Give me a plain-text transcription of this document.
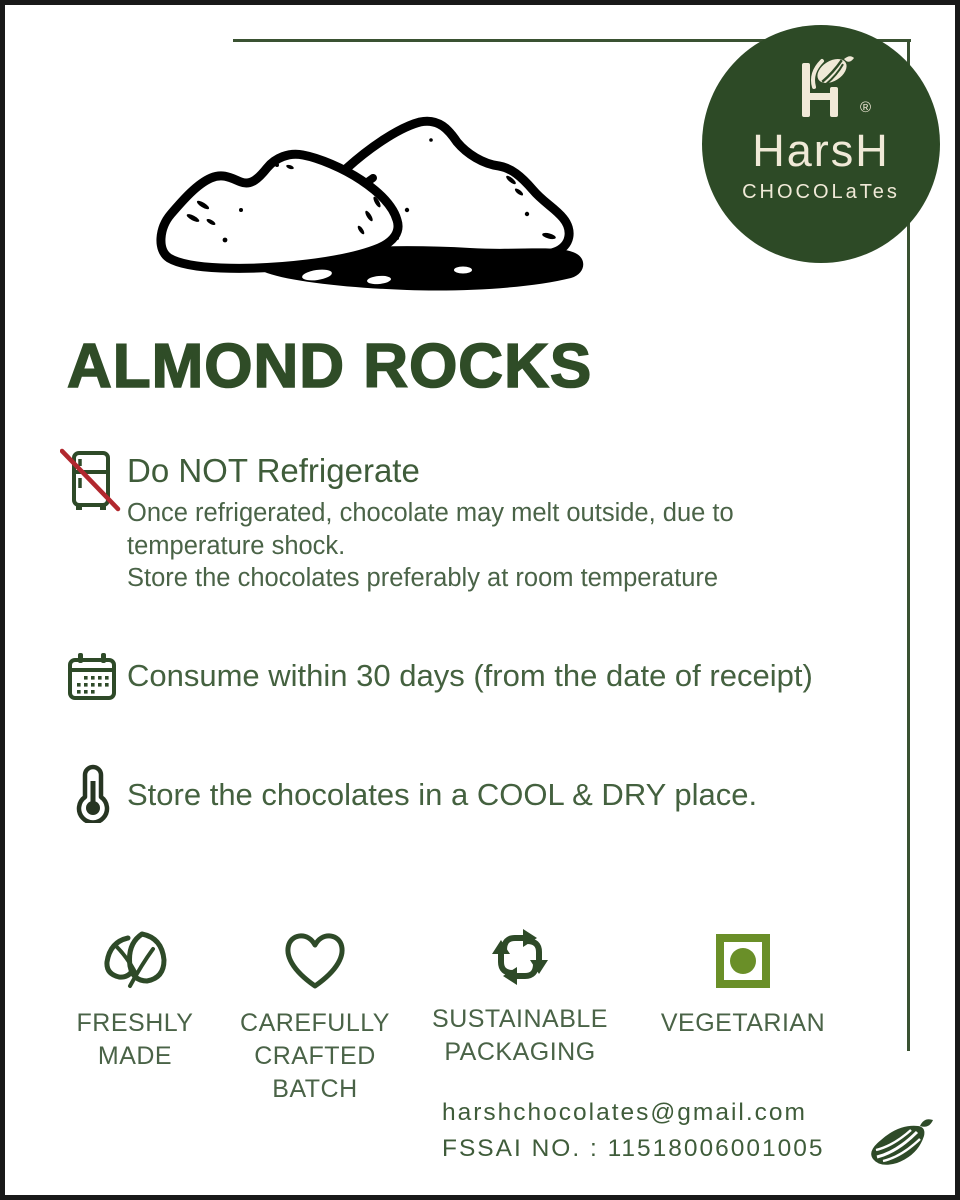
®
HarsH
CHOCOLaTes
ALMOND ROCKS
Do NOT Refrigerate
Once refrigerated, chocolate may melt outside, due to
temperature shock.
Store the chocolates preferably at room temperature
Consume within 30 days (from the date of receipt)
Store the chocolates in a COOL & DRY place.
FRESHLY
MADE
CAREFULLY
CRAFTED
BATCH
SUSTAINABLE
PACKAGING
VEGETARIAN
harshchocolates@gmail.com
FSSAI NO. : 11518006001005
